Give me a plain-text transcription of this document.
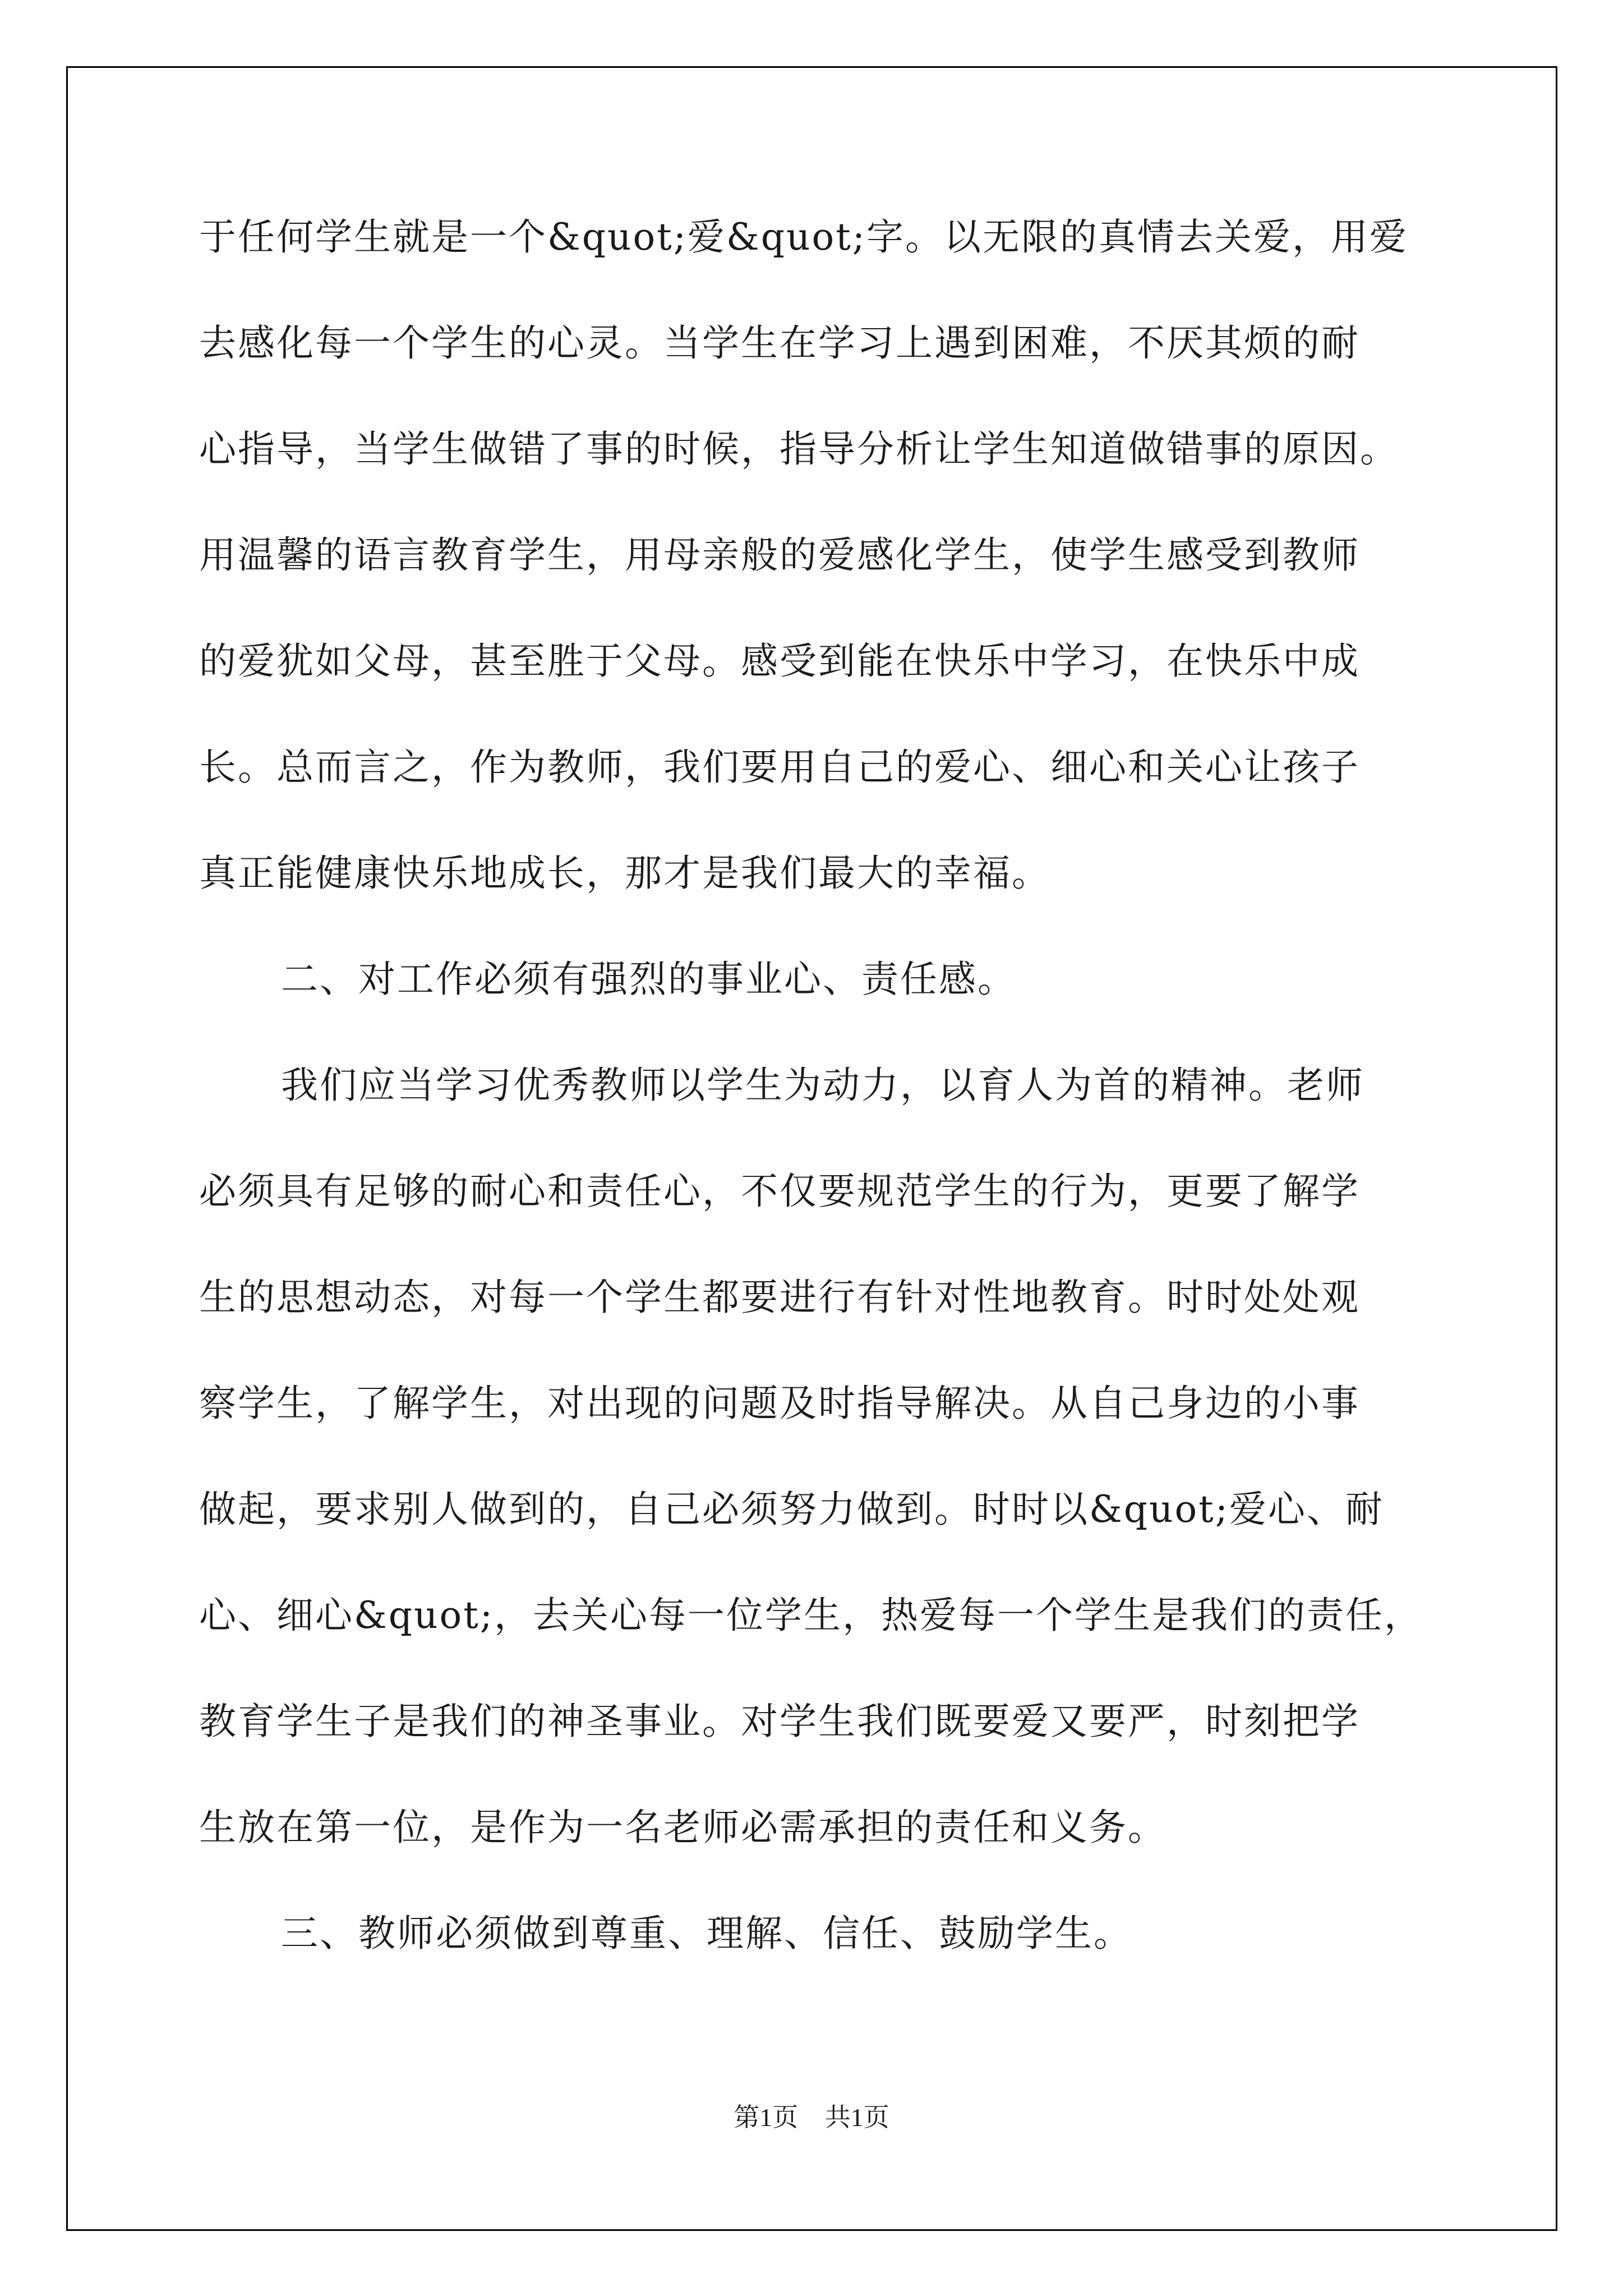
于任何学生就是一个&quot;爱&quot;字。以无限的真情去关爱，用爱
去感化每一个学生的心灵。当学生在学习上遇到困难，不厌其烦的耐
心指导，当学生做错了事的时候，指导分析让学生知道做错事的原因。
用温馨的语言教育学生，用母亲般的爱感化学生，使学生感受到教师
的爱犹如父母，甚至胜于父母。感受到能在快乐中学习，在快乐中成
长。总而言之，作为教师，我们要用自己的爱心、细心和关心让孩子
真正能健康快乐地成长，那才是我们最大的幸福。
二、对工作必须有强烈的事业心、责任感。
我们应当学习优秀教师以学生为动力，以育人为首的精神。老师
必须具有足够的耐心和责任心，不仅要规范学生的行为，更要了解学
生的思想动态，对每一个学生都要进行有针对性地教育。时时处处观
察学生，了解学生，对出现的问题及时指导解决。从自己身边的小事
做起，要求别人做到的，自己必须努力做到。时时以&quot;爱心、耐
心、细心&quot;，去关心每一位学生，热爱每一个学生是我们的责任，
教育学生子是我们的神圣事业。对学生我们既要爱又要严，时刻把学
生放在第一位，是作为一名老师必需承担的责任和义务。
三、教师必须做到尊重、理解、信任、鼓励学生。
第1页 共1页
